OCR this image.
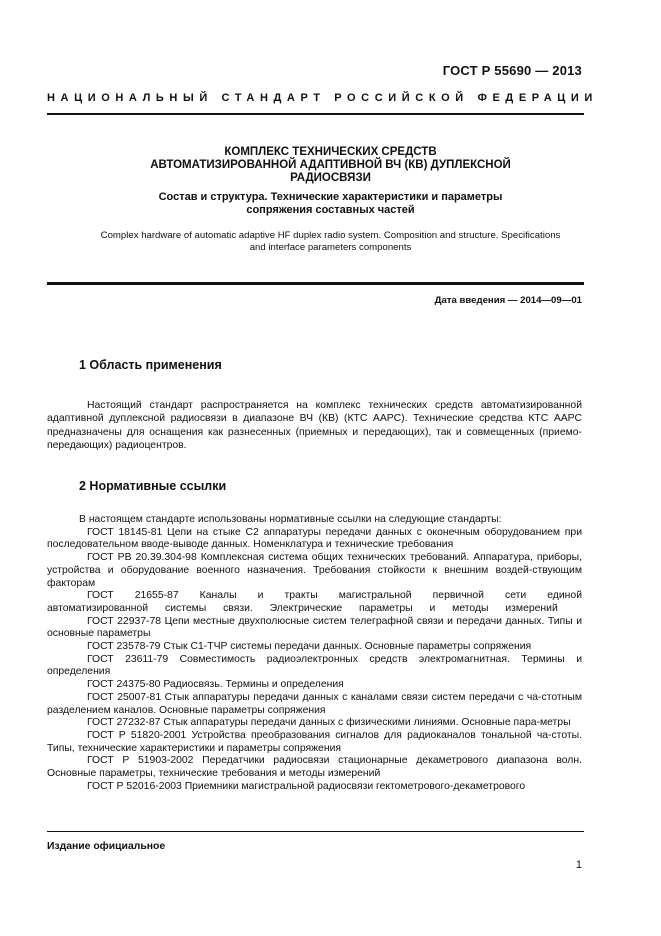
ГОСТ Р 55690 — 2013
НАЦИОНАЛЬНЫЙ СТАНДАРТ РОССИЙСКОЙ ФЕДЕРАЦИИ
КОМПЛЕКС ТЕХНИЧЕСКИХ СРЕДСТВ
АВТОМАТИЗИРОВАННОЙ АДАПТИВНОЙ ВЧ (КВ) ДУПЛЕКСНОЙ
РАДИОСВЯЗИ
Состав и структура. Технические характеристики и параметры
сопряжения составных частей
Complex hardware of automatic adaptive HF duplex radio system. Composition and structure. Specifications
and interface parameters components
Дата введения — 2014—09—01
1 Область применения

Настоящий стандарт распространяется на комплекс технических средств автоматизированной адаптивной дуплексной радиосвязи в диапазоне ВЧ (КВ) (КТС ААРС). Технические средства КТС ААРС предназначены для оснащения как разнесенных (приемных и передающих), так и совмещенных (приемо-передающих) радиоцентров.

2 Нормативные ссылки

В настоящем стандарте использованы нормативные ссылки на следующие стандарты:

ГОСТ 18145-81 Цепи на стыке С2 аппаратуры передачи данных с оконечным оборудованием при последовательном вводе-выводе данных. Номенклатура и технические требования

ГОСТ РВ 20.39.304-98 Комплексная система общих технических требований. Аппаратура, приборы, устройства и оборудование военного назначения. Требования стойкости к внешним воздей-ствующим факторам

ГОСТ 21655-87 Каналы и тракты магистральной первичной сети единой автоматизированной системы связи. Электрические параметры и методы измерений

ГОСТ 22937-78 Цепи местные двухполюсные систем телеграфной связи и передачи данных. Типы и основные параметры

ГОСТ 23578-79 Стык С1-ТЧР системы передачи данных. Основные параметры сопряжения

ГОСТ 23611-79 Совместимость радиоэлектронных средств электромагнитная. Термины и определения

ГОСТ 24375-80 Радиосвязь. Термины и определения

ГОСТ 25007-81 Стык аппаратуры передачи данных с каналами связи систем передачи с ча-стотным разделением каналов. Основные параметры сопряжения

ГОСТ 27232-87 Стык аппаратуры передачи данных с физическими линиями. Основные пара-метры

ГОСТ Р 51820-2001 Устройства преобразования сигналов для радиоканалов тональной ча-стоты. Типы, технические характеристики и параметры сопряжения

ГОСТ Р 51903-2002 Передатчики радиосвязи стационарные декаметрового диапазона волн. Основные параметры, технические требования и методы измерений

ГОСТ Р 52016-2003 Приемники магистральной радиосвязи гектометрового-декаметрового

Издание официальное
1
